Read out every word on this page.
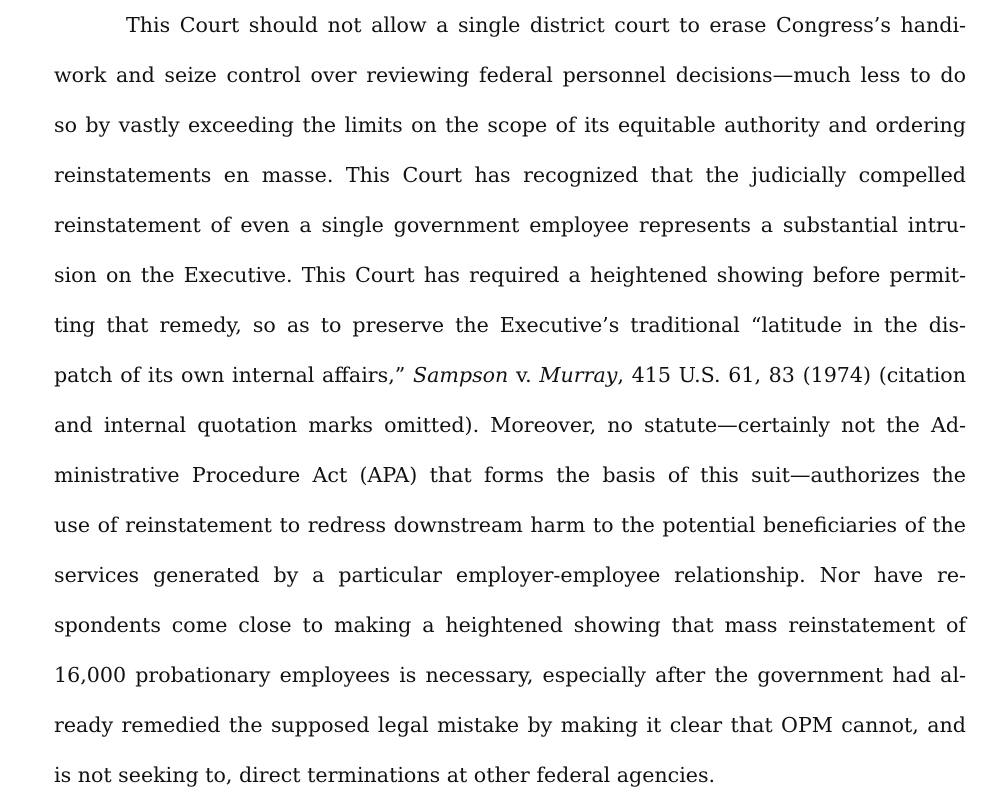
This Court should not allow a single district court to erase Congress’s handi-
work and seize control over reviewing federal personnel decisions—much less to do
so by vastly exceeding the limits on the scope of its equitable authority and ordering
reinstatements en masse. This Court has recognized that the judicially compelled
reinstatement of even a single government employee represents a substantial intru-
sion on the Executive. This Court has required a heightened showing before permit-
ting that remedy, so as to preserve the Executive’s traditional “latitude in the dis-
patch of its own internal affairs,” Sampson v. Murray, 415 U.S. 61, 83 (1974) (citation
and internal quotation marks omitted). Moreover, no statute—certainly not the Ad-
ministrative Procedure Act (APA) that forms the basis of this suit—authorizes the
use of reinstatement to redress downstream harm to the potential beneficiaries of the
services generated by a particular employer-employee relationship. Nor have re-
spondents come close to making a heightened showing that mass reinstatement of
16,000 probationary employees is necessary, especially after the government had al-
ready remedied the supposed legal mistake by making it clear that OPM cannot, and
is not seeking to, direct terminations at other federal agencies.
